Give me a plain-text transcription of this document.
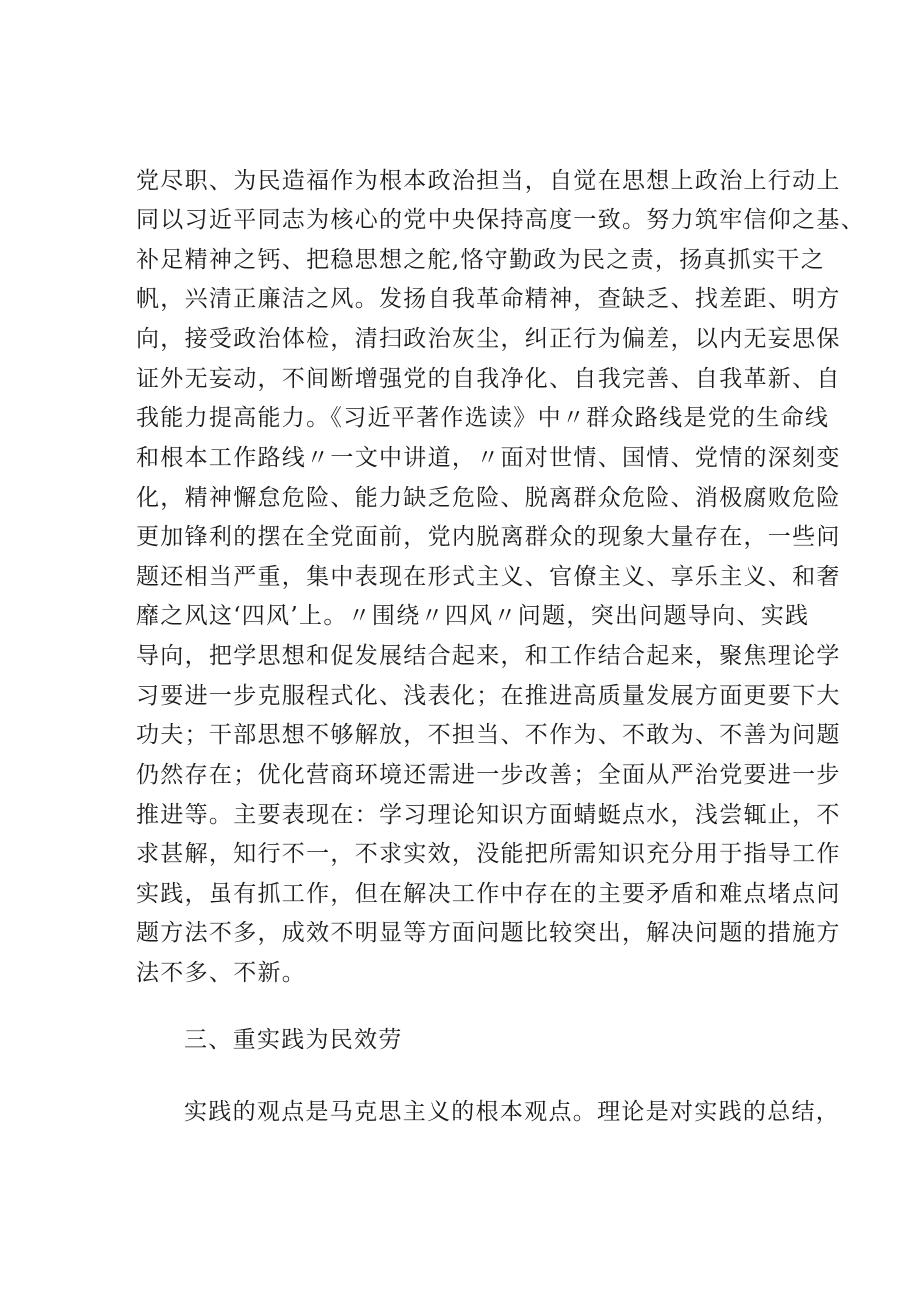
党尽职、为民造福作为根本政治担当，自觉在思想上政治上行动上
同以习近平同志为核心的党中央保持高度一致。努力筑牢信仰之基、
补足精神之钙、把稳思想之舵,恪守勤政为民之责，扬真抓实干之
帆，兴清正廉洁之风。发扬自我革命精神，查缺乏、找差距、明方
向，接受政治体检，清扫政治灰尘，纠正行为偏差，以内无妄思保
证外无妄动，不间断增强党的自我净化、自我完善、自我革新、自
我能力提高能力。《习近平著作选读》中〃群众路线是党的生命线
和根本工作路线〃一文中讲道，〃面对世情、国情、党情的深刻变
化，精神懈怠危险、能力缺乏危险、脱离群众危险、消极腐败危险
更加锋利的摆在全党面前，党内脱离群众的现象大量存在，一些问
题还相当严重，集中表现在形式主义、官僚主义、享乐主义、和奢
靡之风这‘四风’上。〃围绕〃四风〃问题，突出问题导向、实践
导向，把学思想和促发展结合起来，和工作结合起来，聚焦理论学
习要进一步克服程式化、浅表化；在推进高质量发展方面更要下大
功夫；干部思想不够解放，不担当、不作为、不敢为、不善为问题
仍然存在；优化营商环境还需进一步改善；全面从严治党要进一步
推进等。主要表现在：学习理论知识方面蜻蜓点水，浅尝辄止，不
求甚解，知行不一，不求实效，没能把所需知识充分用于指导工作
实践，虽有抓工作，但在解决工作中存在的主要矛盾和难点堵点问
题方法不多，成效不明显等方面问题比较突出，解决问题的措施方
法不多、不新。
三、重实践为民效劳
实践的观点是马克思主义的根本观点。理论是对实践的总结，
